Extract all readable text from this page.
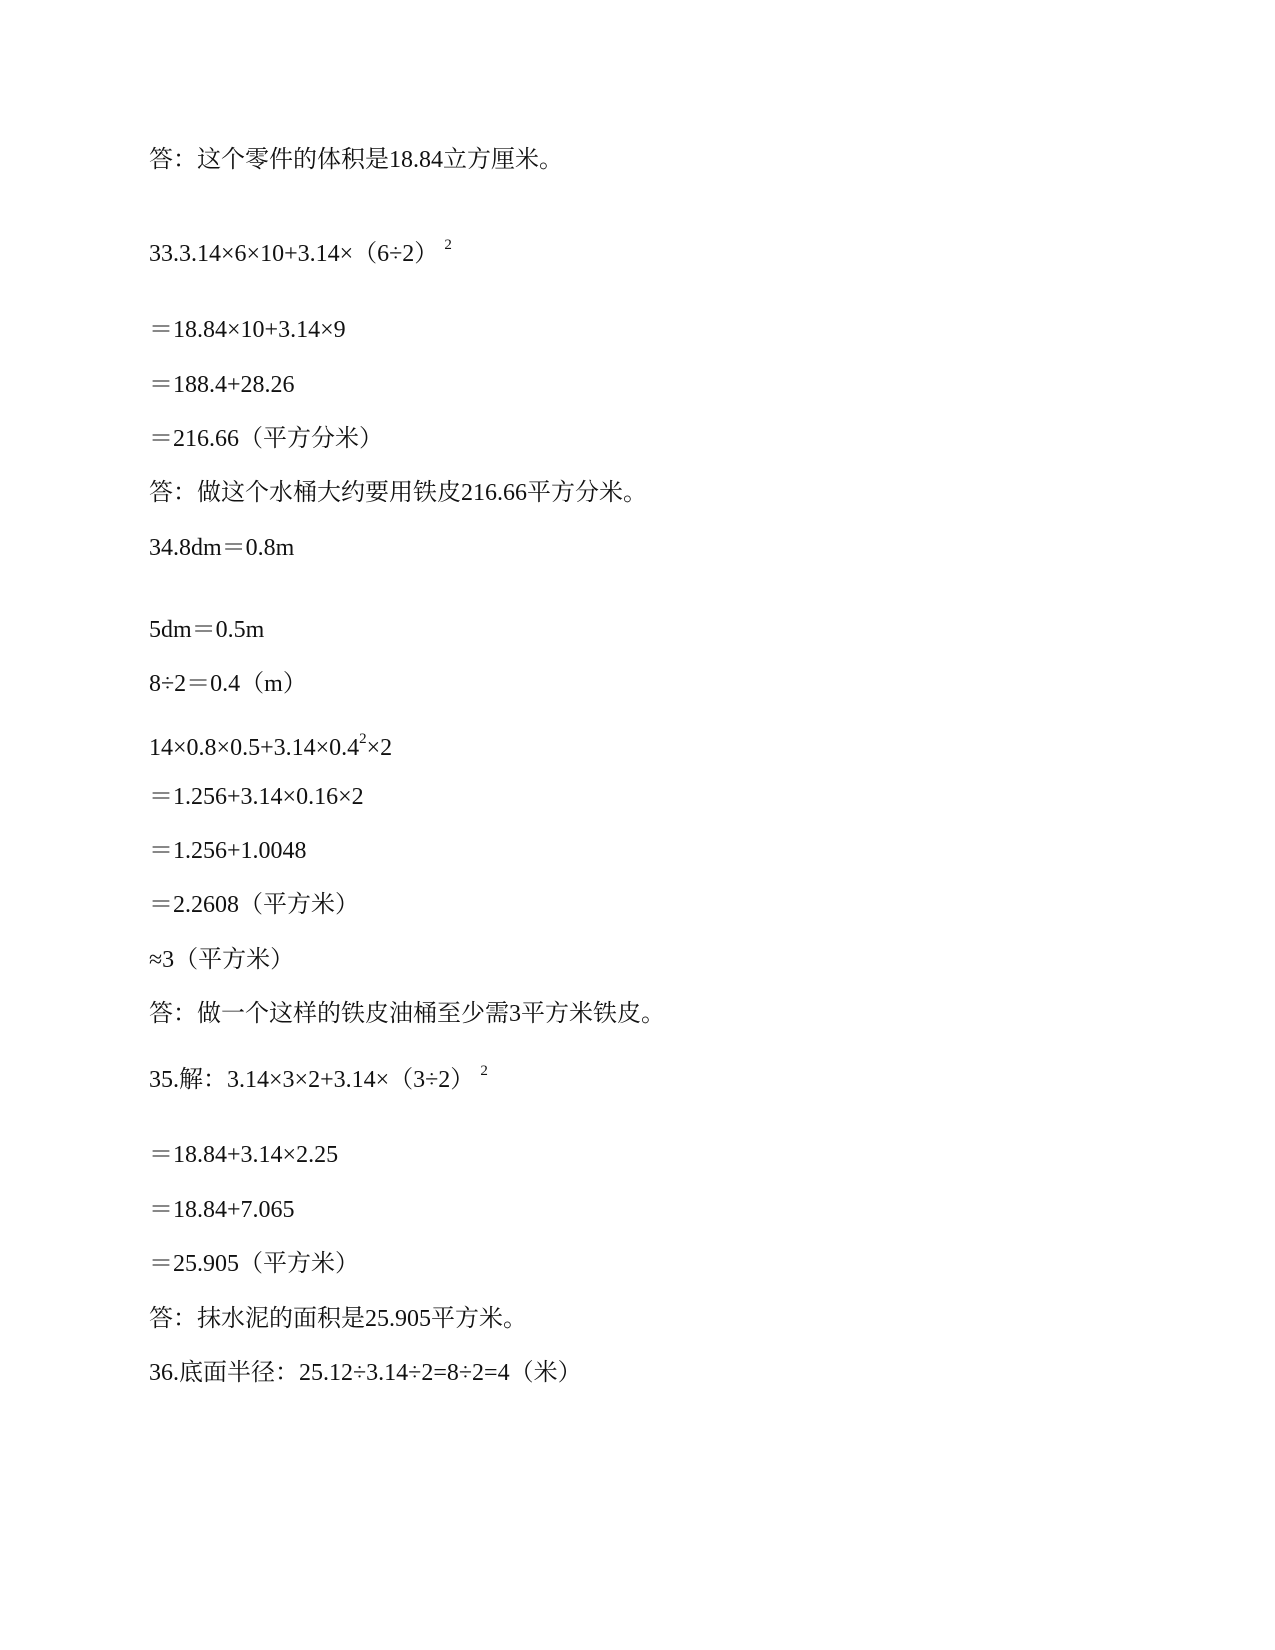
答：这个零件的体积是18.84立方厘米。
33.3.14×6×10+3.14×（6÷2） $^2$
＝18.84×10+3.14×9
＝188.4+28.26
＝216.66（平方分米）
答：做这个水桶大约要用铁皮216.66平方分米。
34.8dm＝0.8m
5dm＝0.5m
8÷2＝0.4（m）
$14\times 0.8\times 0.5+3.14\times 0.4^2\times 2$
＝1.256+3.14×0.16×2
＝1.256+1.0048
＝2.2608（平方米）
≈3（平方米）
答：做一个这样的铁皮油桶至少需3平方米铁皮。
35.解：3.14×3×2+3.14×（3÷2） $^2$
＝18.84+3.14×2.25
＝18.84+7.065
＝25.905（平方米）
答：抹水泥的面积是25.905平方米。
36.底面半径：25.12÷3.14÷2=8÷2=4（米）
